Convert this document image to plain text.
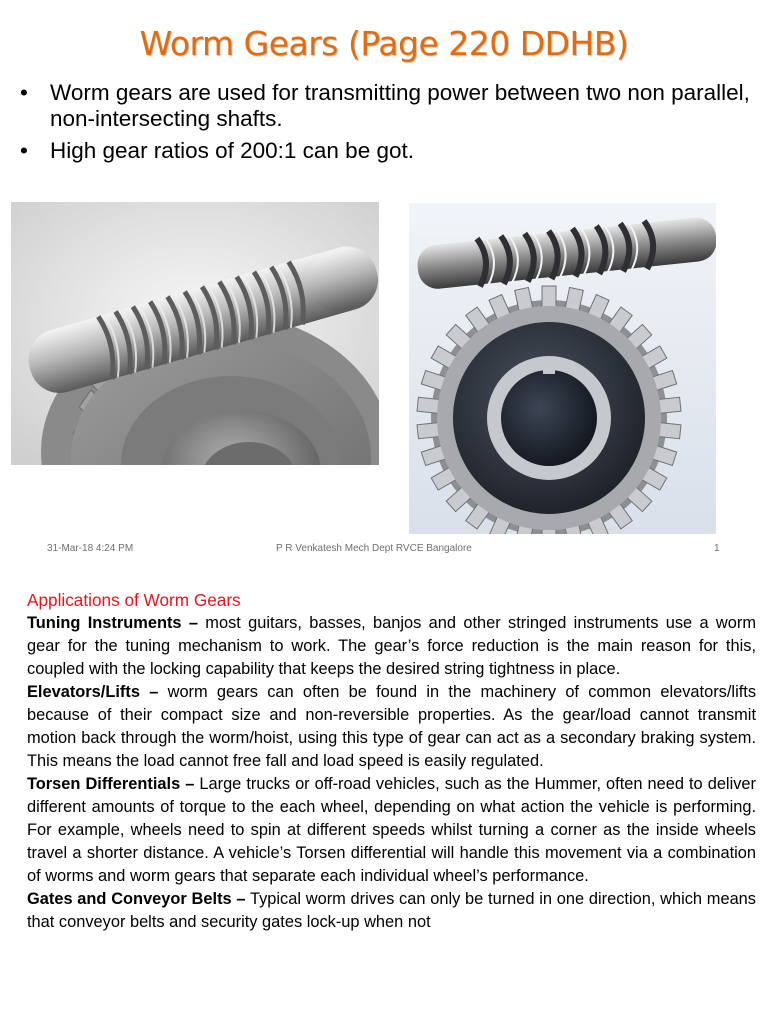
Worm Gears (Page 220 DDHB)
• Worm gears are used for transmitting power between two non parallel, non-intersecting shafts.
• High gear ratios of 200:1 can be got.
31-Mar-18 4:24 PM	P R Venkatesh Mech Dept RVCE Bangalore	1
Applications of Worm Gears

Tuning Instruments – most guitars, basses, banjos and other stringed instruments use a worm gear for the tuning mechanism to work. The gear’s force reduction is the main reason for this, coupled with the locking capability that keeps the desired string tightness in place.

Elevators/Lifts – worm gears can often be found in the machinery of common elevators/lifts because of their compact size and non-reversible properties. As the gear/load cannot transmit motion back through the worm/hoist, using this type of gear can act as a secondary braking system. This means the load cannot free fall and load speed is easily regulated.

Torsen Differentials – Large trucks or off-road vehicles, such as the Hummer, often need to deliver different amounts of torque to the each wheel, depending on what action the vehicle is performing. For example, wheels need to spin at different speeds whilst turning a corner as the inside wheels travel a shorter distance. A vehicle’s Torsen differential will handle this movement via a combination of worms and worm gears that separate each individual wheel’s performance.

Gates and Conveyor Belts – Typical worm drives can only be turned in one direction, which means that conveyor belts and security gates lock-up when not
